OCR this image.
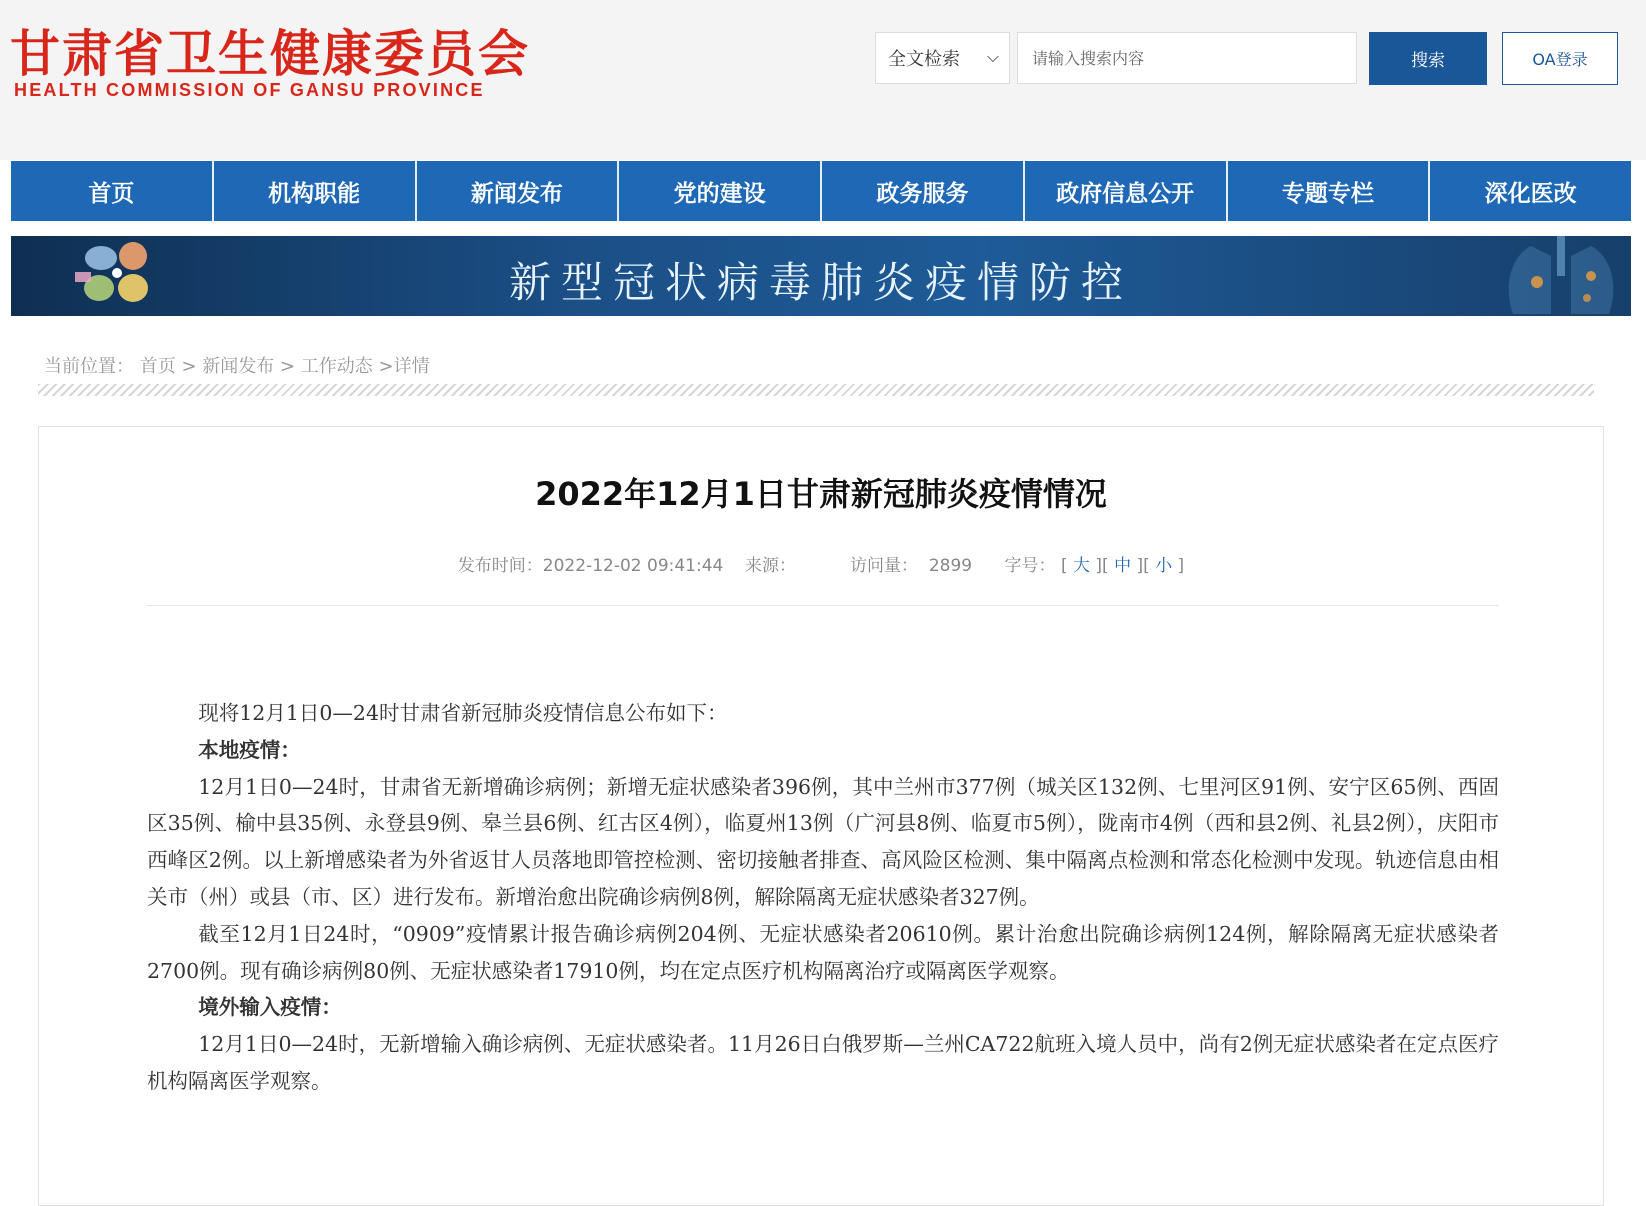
甘肃省卫生健康委员会
HEALTH COMMISSION OF GANSU PROVINCE
全文检索 ⌵
请输入搜索内容	搜索	OA登录
首页	机构职能	新闻发布	党的建设	政务服务	政府信息公开	专题专栏	深化医改
新型冠状病毒肺炎疫情防控
当前位置： 首页 > 新闻发布 > 工作动态 >详情
2022年12月1日甘肃新冠肺炎疫情情况
发布时间：2022-12-02 09:41:44 来源：	访问量： 2899 字号： [ 大 ][ 中 ][ 小 ]

现将12月1日0—24时甘肃省新冠肺炎疫情信息公布如下：

本地疫情：

12月1日0—24时，甘肃省无新增确诊病例；新增无症状感染者396例，其中兰州市377例（城关区132例、七里河区91例、安宁区65例、西固区35例、榆中县35例、永登县9例、皋兰县6例、红古区4例），临夏州13例（广河县8例、临夏市5例），陇南市4例（西和县2例、礼县2例），庆阳市西峰区2例。以上新增感染者为外省返甘人员落地即管控检测、密切接触者排查、高风险区检测、集中隔离点检测和常态化检测中发现。轨迹信息由相关市（州）或县（市、区）进行发布。新增治愈出院确诊病例8例，解除隔离无症状感染者327例。

截至12月1日24时，“0909”疫情累计报告确诊病例204例、无症状感染者20610例。累计治愈出院确诊病例124例，解除隔离无症状感染者2700例。现有确诊病例80例、无症状感染者17910例，均在定点医疗机构隔离治疗或隔离医学观察。

境外输入疫情：

12月1日0—24时，无新增输入确诊病例、无症状感染者。11月26日白俄罗斯—兰州CA722航班入境人员中，尚有2例无症状感染者在定点医疗机构隔离医学观察。
